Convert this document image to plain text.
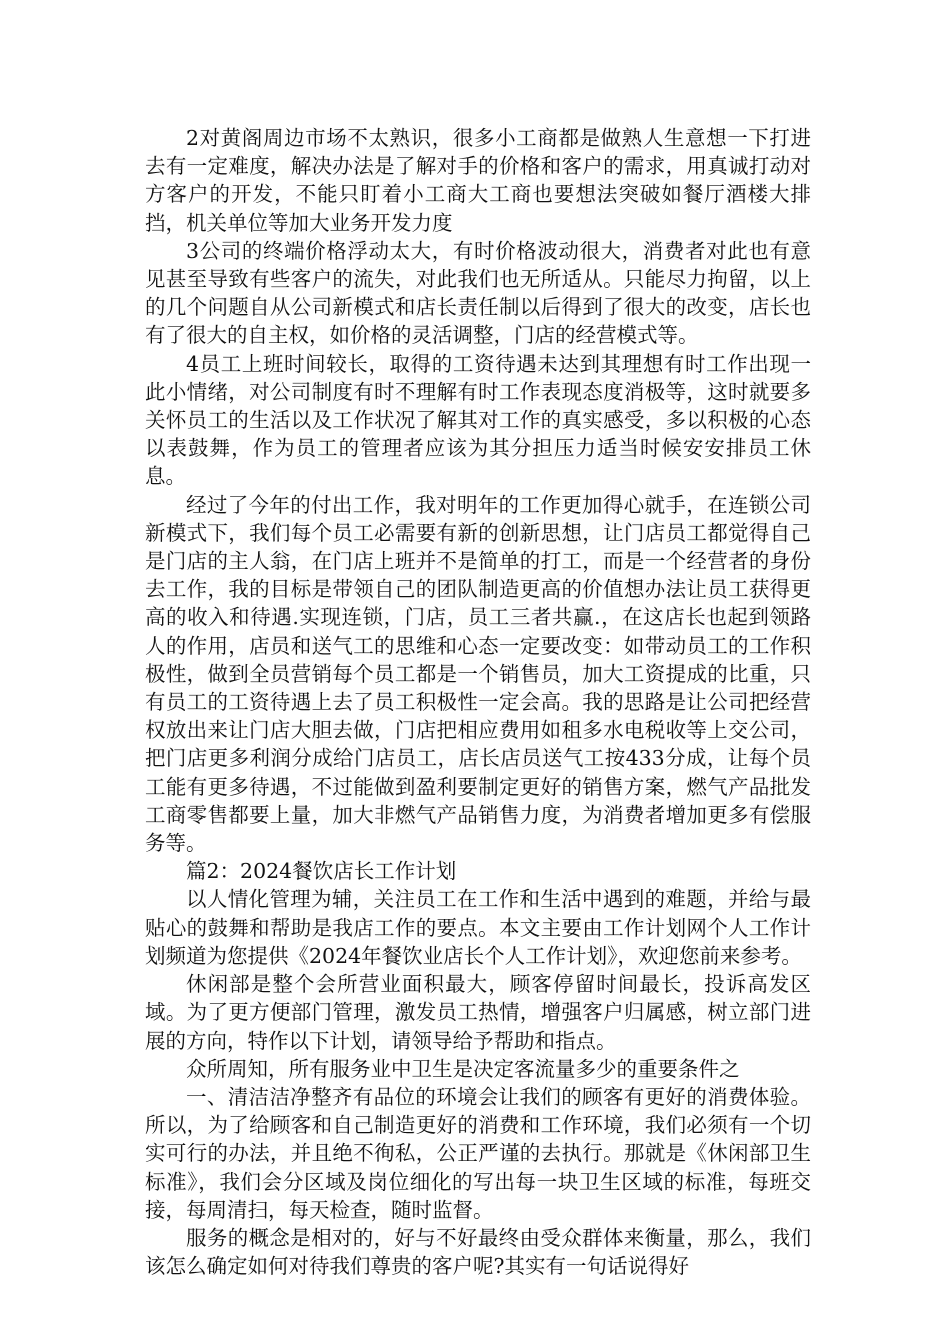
2对黄阁周边市场不太熟识，很多小工商都是做熟人生意想一下打进去有一定难度，解决办法是了解对手的价格和客户的需求，用真诚打动对方客户的开发，不能只盯着小工商大工商也要想法突破如餐厅酒楼大排挡，机关单位等加大业务开发力度

3公司的终端价格浮动太大，有时价格波动很大，消费者对此也有意见甚至导致有些客户的流失，对此我们也无所适从。只能尽力拘留，以上的几个问题自从公司新模式和店长责任制以后得到了很大的改变，店长也有了很大的自主权，如价格的灵活调整，门店的经营模式等。

4员工上班时间较长，取得的工资待遇未达到其理想有时工作出现一此小情绪，对公司制度有时不理解有时工作表现态度消极等，这时就要多关怀员工的生活以及工作状况了解其对工作的真实感受，多以积极的心态以表鼓舞，作为员工的管理者应该为其分担压力适当时候安安排员工休息。

经过了今年的付出工作，我对明年的工作更加得心就手，在连锁公司新模式下，我们每个员工必需要有新的创新思想，让门店员工都觉得自己是门店的主人翁，在门店上班并不是简单的打工，而是一个经营者的身份去工作，我的目标是带领自己的团队制造更高的价值想办法让员工获得更高的收入和待遇.实现连锁，门店，员工三者共赢.，在这店长也起到领路人的作用，店员和送气工的思维和心态一定要改变：如带动员工的工作积极性，做到全员营销每个员工都是一个销售员，加大工资提成的比重，只有员工的工资待遇上去了员工积极性一定会高。我的思路是让公司把经营权放出来让门店大胆去做，门店把相应费用如租多水电税收等上交公司，把门店更多利润分成给门店员工，店长店员送气工按433分成，让每个员工能有更多待遇，不过能做到盈利要制定更好的销售方案，燃气产品批发工商零售都要上量，加大非燃气产品销售力度，为消费者增加更多有偿服务等。

篇2：2024餐饮店长工作计划

以人情化管理为辅，关注员工在工作和生活中遇到的难题，并给与最贴心的鼓舞和帮助是我店工作的要点。本文主要由工作计划网个人工作计划频道为您提供《2024年餐饮业店长个人工作计划》，欢迎您前来参考。

休闲部是整个会所营业面积最大，顾客停留时间最长，投诉高发区域。为了更方便部门管理，激发员工热情，增强客户归属感，树立部门进展的方向，特作以下计划，请领导给予帮助和指点。

众所周知，所有服务业中卫生是决定客流量多少的重要条件之

一、清洁洁净整齐有品位的环境会让我们的顾客有更好的消费体验。所以，为了给顾客和自己制造更好的消费和工作环境，我们必须有一个切实可行的办法，并且绝不徇私，公正严谨的去执行。那就是《休闲部卫生标准》，我们会分区域及岗位细化的写出每一块卫生区域的标准，每班交接，每周清扫，每天检查，随时监督。

服务的概念是相对的，好与不好最终由受众群体来衡量，那么，我们该怎么确定如何对待我们尊贵的客户呢?其实有一句话说得好
